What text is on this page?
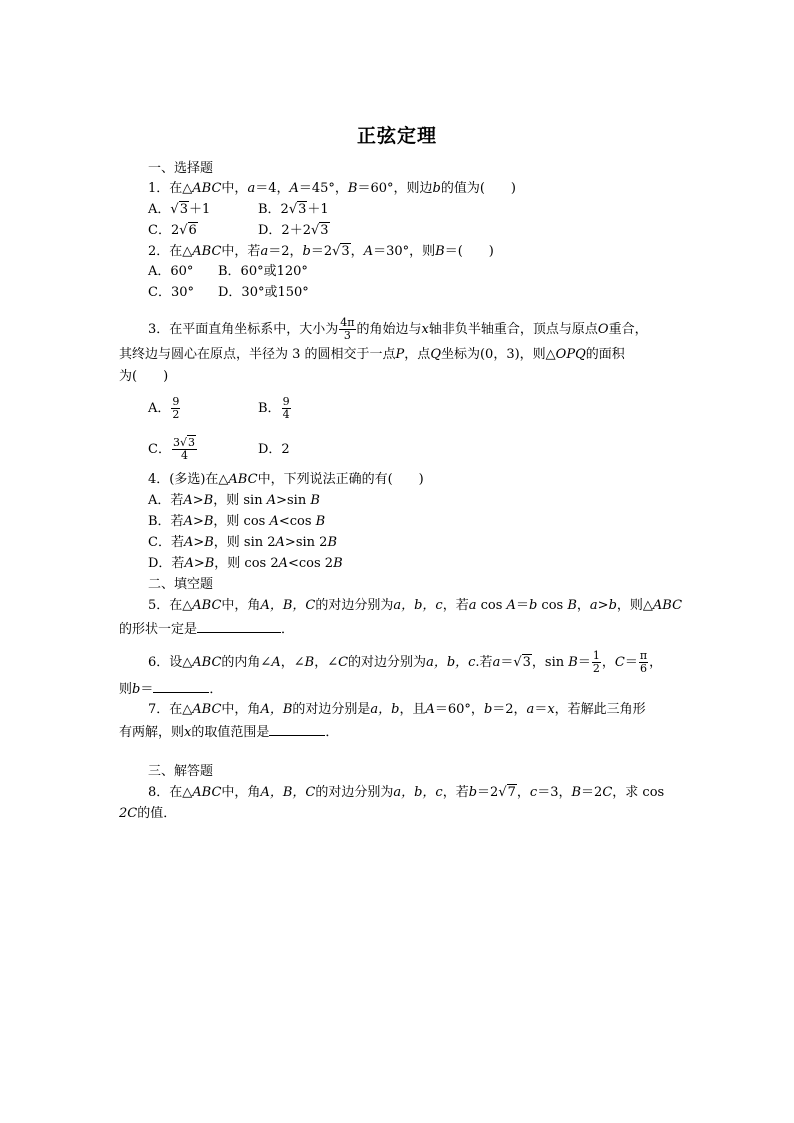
正弦定理
一、选择题
1．在△ABC中，a＝4，A＝45°，B＝60°，则边b的值为(　　)
A．√3＋1	B．2√3＋1
C．2√6	D．2＋2√3
2．在△ABC中，若a＝2，b＝2√3，A＝30°，则B＝(　　)
A．60° B．60°或120°
C．30° D．30°或150°
3．在平面直角坐标系中，大小为 $\frac{4\pi}{3}$ 的角始边与x轴非负半轴重合，顶点与原点O重合，
其终边与圆心在原点，半径为 3 的圆相交于一点P，点Q坐标为(0，3)，则△OPQ的面积
为(　　)
A． $\frac{9}{2}$	B． $\frac{9}{4}$
C． $\frac{3√3}{4}$	D．2
4．(多选)在△ABC中，下列说法正确的有(　　)
A．若A>B，则 sin A>sin B
B．若A>B，则 cos A<cos B
C．若A>B，则 sin 2A>sin 2B
D．若A>B，则 cos 2A<cos 2B
二、填空题
5．在△ABC中，角A，B，C的对边分别为a，b，c，若a cos A＝b cos B，a>b，则△ABC
的形状一定是	．
6．设△ABC的内角∠A，∠B，∠C的对边分别为a，b，c.若a＝√3，$\sin B= \frac{1}{2}$ ，$C= \frac{\pi}{6}$ ，
则b＝	．
7．在△ABC中，角A，B的对边分别是a，b，且A＝60°，b＝2，a＝x，若解此三角形
有两解，则x的取值范围是	．
三、解答题
8．在△ABC中，角A，B，C的对边分别为a，b，c，若b＝2√7，c＝3，B＝2C，求 cos
2C的值．
